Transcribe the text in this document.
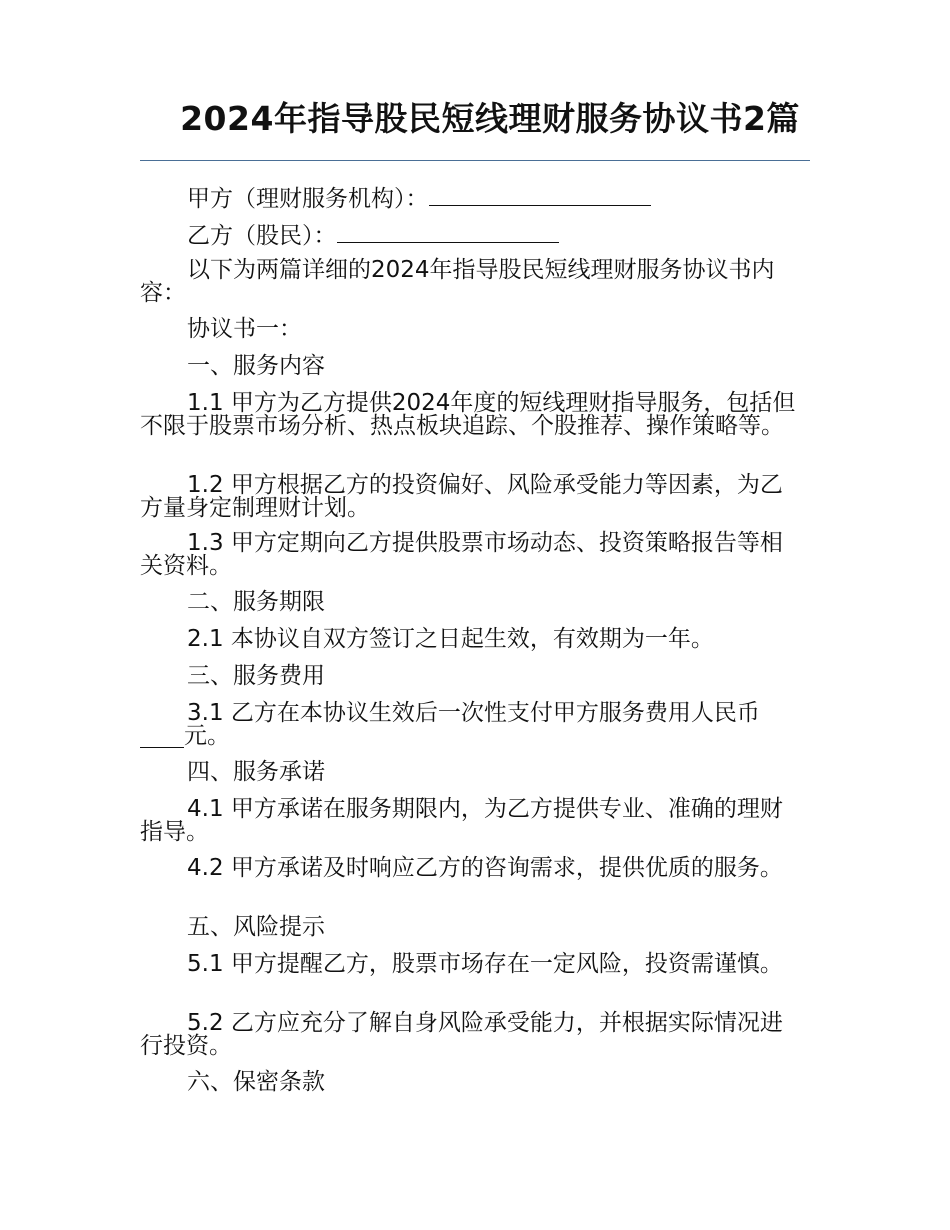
2024年指导股民短线理财服务协议书2篇
甲方（理财服务机构）：
乙方（股民）：
以下为两篇详细的2024年指导股民短线理财服务协议书内容：
协议书一：
一、服务内容
1.1 甲方为乙方提供2024年度的短线理财指导服务，包括但不限于股票市场分析、热点板块追踪、个股推荐、操作策略等。
1.2 甲方根据乙方的投资偏好、风险承受能力等因素，为乙方量身定制理财计划。
1.3 甲方定期向乙方提供股票市场动态、投资策略报告等相关资料。
二、服务期限
2.1 本协议自双方签订之日起生效，有效期为一年。
三、服务费用
3.1 乙方在本协议生效后一次性支付甲方服务费用人民币
元。
四、服务承诺
4.1 甲方承诺在服务期限内，为乙方提供专业、准确的理财指导。
4.2 甲方承诺及时响应乙方的咨询需求，提供优质的服务。
五、风险提示
5.1 甲方提醒乙方，股票市场存在一定风险，投资需谨慎。
5.2 乙方应充分了解自身风险承受能力，并根据实际情况进行投资。
六、保密条款
